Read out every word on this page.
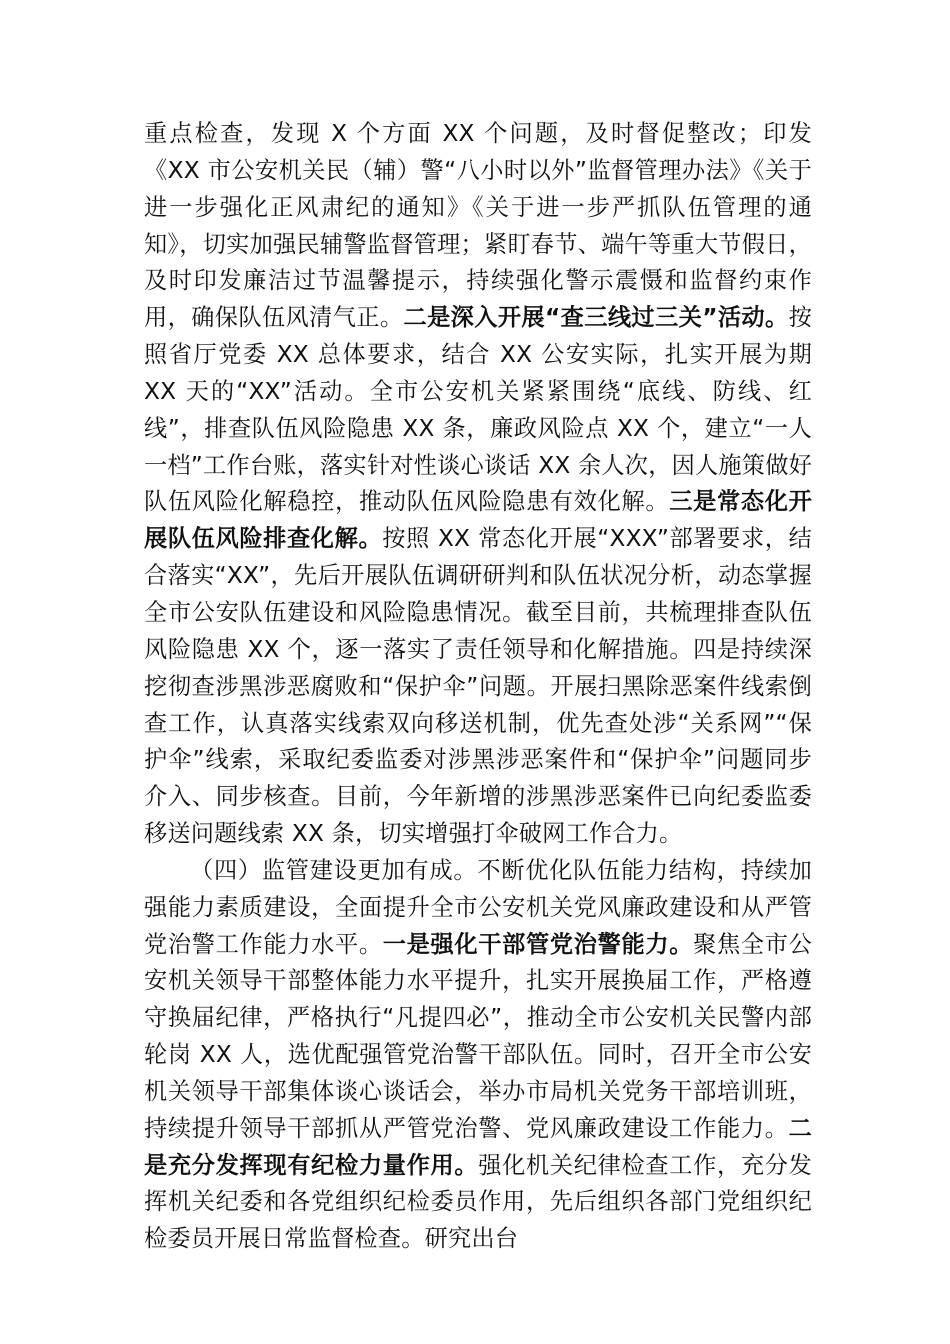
重点检查，发现 X 个方面 XX 个问题，及时督促整改；印发《XX 市公安机关民（辅）警“八小时以外”监督管理办法》《关于进一步强化正风肃纪的通知》《关于进一步严抓队伍管理的通知》，切实加强民辅警监督管理；紧盯春节、端午等重大节假日，及时印发廉洁过节温馨提示，持续强化警示震慑和监督约束作用，确保队伍风清气正。二是深入开展“查三线过三关”活动。按照省厅党委 XX 总体要求，结合 XX 公安实际，扎实开展为期 XX 天的“XX”活动。全市公安机关紧紧围绕“底线、防线、红线”，排查队伍风险隐患 XX 条，廉政风险点 XX 个，建立“一人一档”工作台账，落实针对性谈心谈话 XX 余人次，因人施策做好队伍风险化解稳控，推动队伍风险隐患有效化解。三是常态化开展队伍风险排查化解。按照 XX 常态化开展“XXX”部署要求，结合落实“XX”，先后开展队伍调研研判和队伍状况分析，动态掌握全市公安队伍建设和风险隐患情况。截至目前，共梳理排查队伍风险隐患 XX 个，逐一落实了责任领导和化解措施。四是持续深挖彻查涉黑涉恶腐败和“保护伞”问题。开展扫黑除恶案件线索倒查工作，认真落实线索双向移送机制，优先查处涉“关系网”“保护伞”线索，采取纪委监委对涉黑涉恶案件和“保护伞”问题同步介入、同步核查。目前，今年新增的涉黑涉恶案件已向纪委监委移送问题线索 XX 条，切实增强打伞破网工作合力。

（四）监管建设更加有成。不断优化队伍能力结构，持续加强能力素质建设，全面提升全市公安机关党风廉政建设和从严管党治警工作能力水平。一是强化干部管党治警能力。聚焦全市公安机关领导干部整体能力水平提升，扎实开展换届工作，严格遵守换届纪律，严格执行“凡提四必”，推动全市公安机关民警内部轮岗 XX 人，选优配强管党治警干部队伍。同时，召开全市公安机关领导干部集体谈心谈话会，举办市局机关党务干部培训班，持续提升领导干部抓从严管党治警、党风廉政建设工作能力。二是充分发挥现有纪检力量作用。强化机关纪律检查工作，充分发挥机关纪委和各党组织纪检委员作用，先后组织各部门党组织纪检委员开展日常监督检查。研究出台
